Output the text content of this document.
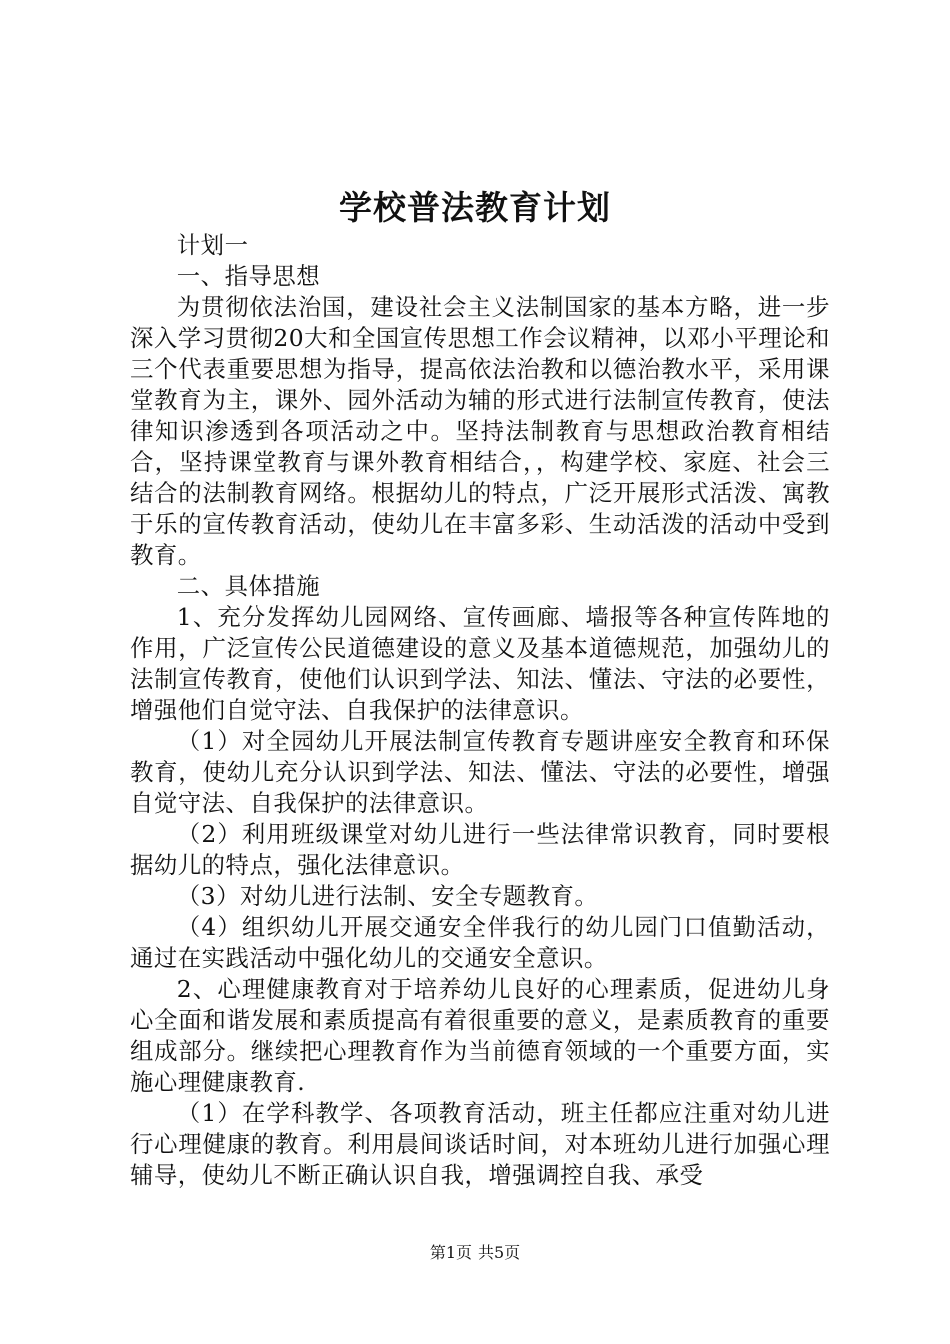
学校普法教育计划

计划一

一、指导思想

为贯彻依法治国，建设社会主义法制国家的基本方略，进一步深入学习贯彻20大和全国宣传思想工作会议精神，以邓小平理论和三个代表重要思想为指导，提高依法治教和以德治教水平，采用课堂教育为主，课外、园外活动为辅的形式进行法制宣传教育，使法律知识渗透到各项活动之中。坚持法制教育与思想政治教育相结合，坚持课堂教育与课外教育相结合，，构建学校、家庭、社会三结合的法制教育网络。根据幼儿的特点，广泛开展形式活泼、寓教于乐的宣传教育活动，使幼儿在丰富多彩、生动活泼的活动中受到教育。

二、具体措施

1、充分发挥幼儿园网络、宣传画廊、墙报等各种宣传阵地的作用，广泛宣传公民道德建设的意义及基本道德规范，加强幼儿的法制宣传教育，使他们认识到学法、知法、懂法、守法的必要性，增强他们自觉守法、自我保护的法律意识。

（1）对全园幼儿开展法制宣传教育专题讲座安全教育和环保教育，使幼儿充分认识到学法、知法、懂法、守法的必要性，增强自觉守法、自我保护的法律意识。

（2）利用班级课堂对幼儿进行一些法律常识教育，同时要根据幼儿的特点，强化法律意识。

（3）对幼儿进行法制、安全专题教育。

（4）组织幼儿开展交通安全伴我行的幼儿园门口值勤活动，通过在实践活动中强化幼儿的交通安全意识。

2、心理健康教育对于培养幼儿良好的心理素质，促进幼儿身心全面和谐发展和素质提高有着很重要的意义，是素质教育的重要组成部分。继续把心理教育作为当前德育领域的一个重要方面，实施心理健康教育.

（1）在学科教学、各项教育活动，班主任都应注重对幼儿进行心理健康的教育。利用晨间谈话时间，对本班幼儿进行加强心理辅导，使幼儿不断正确认识自我，增强调控自我、承受

第1页 共5页
